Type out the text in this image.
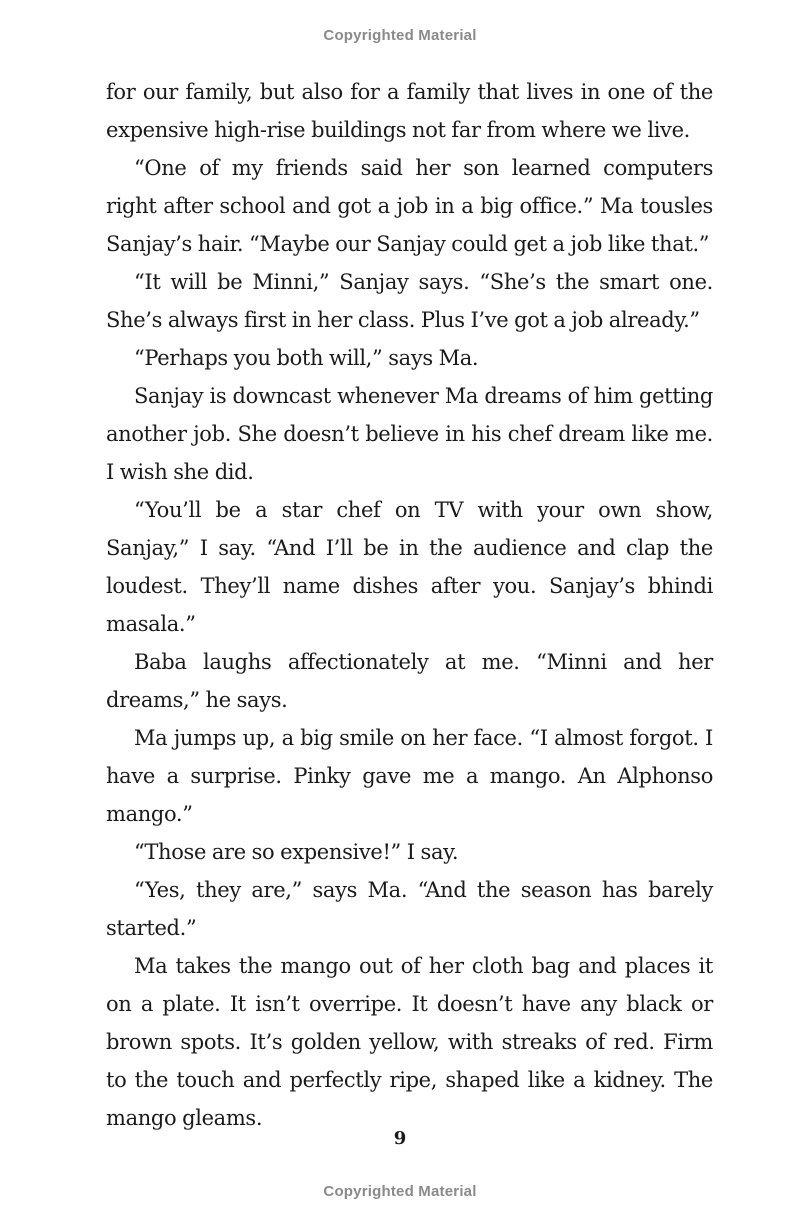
Copyrighted Material

for our family, but also for a family that lives in one of the expensive high-rise buildings not far from where we live.

“One of my friends said her son learned computers right after school and got a job in a big office.” Ma tousles Sanjay’s hair. “Maybe our Sanjay could get a job like that.”

“It will be Minni,” Sanjay says. “She’s the smart one. She’s always first in her class. Plus I’ve got a job already.”

“Perhaps you both will,” says Ma.

Sanjay is downcast whenever Ma dreams of him getting another job. She doesn’t believe in his chef dream like me. I wish she did.

“You’ll be a star chef on TV with your own show, Sanjay,” I say. “And I’ll be in the audience and clap the loudest. They’ll name dishes after you. Sanjay’s bhindi masala.”

Baba laughs affectionately at me. “Minni and her dreams,” he says.

Ma jumps up, a big smile on her face. “I almost forgot. I have a surprise. Pinky gave me a mango. An Alphonso mango.”

“Those are so expensive!” I say.

“Yes, they are,” says Ma. “And the season has barely started.”

Ma takes the mango out of her cloth bag and places it on a plate. It isn’t overripe. It doesn’t have any black or brown spots. It’s golden yellow, with streaks of red. Firm to the touch and perfectly ripe, shaped like a kidney. The mango gleams.

9
Copyrighted Material
